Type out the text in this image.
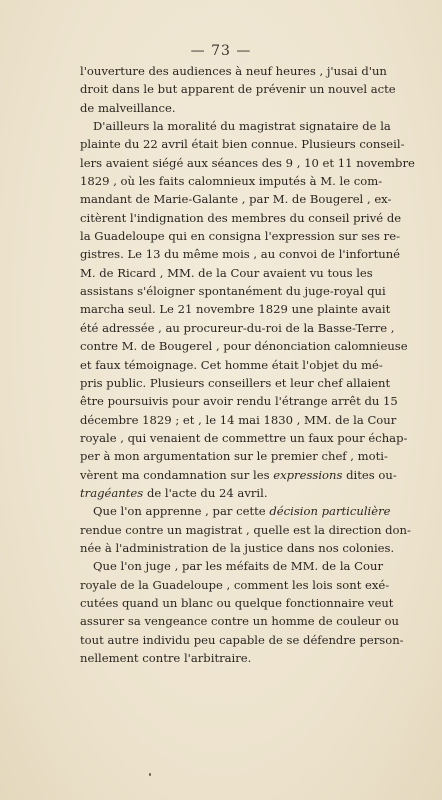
— 73 —
l'ouverture des audiences à neuf heures , j'usai d'un
droit dans le but apparent de prévenir un nouvel acte
de malveillance.
D'ailleurs la moralité du magistrat signataire de la
plainte du 22 avril était bien connue. Plusieurs conseil-
lers avaient siégé aux séances des 9 , 10 et 11 novembre
1829 , où les faits calomnieux imputés à M. le com-
mandant de Marie-Galante , par M. de Bougerel , ex-
citèrent l'indignation des membres du conseil privé de
la Guadeloupe qui en consigna l'expression sur ses re-
gistres. Le 13 du même mois , au convoi de l'infortuné
M. de Ricard , MM. de la Cour avaient vu tous les
assistans s'éloigner spontanément du juge-royal qui
marcha seul. Le 21 novembre 1829 une plainte avait
été adressée , au procureur-du-roi de la Basse-Terre ,
contre M. de Bougerel , pour dénonciation calomnieuse
et faux témoignage. Cet homme était l'objet du mé-
pris public. Plusieurs conseillers et leur chef allaient
être poursuivis pour avoir rendu l'étrange arrêt du 15
décembre 1829 ; et , le 14 mai 1830 , MM. de la Cour
royale , qui venaient de commettre un faux pour échap-
per à mon argumentation sur le premier chef , moti-
vèrent ma condamnation sur les expressions dites ou-
tragéantes de l'acte du 24 avril.
Que l'on apprenne , par cette décision particulière
rendue contre un magistrat , quelle est la direction don-
née à l'administration de la justice dans nos colonies.
Que l'on juge , par les méfaits de MM. de la Cour
royale de la Guadeloupe , comment les lois sont exé-
cutées quand un blanc ou quelque fonctionnaire veut
assurer sa vengeance contre un homme de couleur ou
tout autre individu peu capable de se défendre person-
nellement contre l'arbitraire.
